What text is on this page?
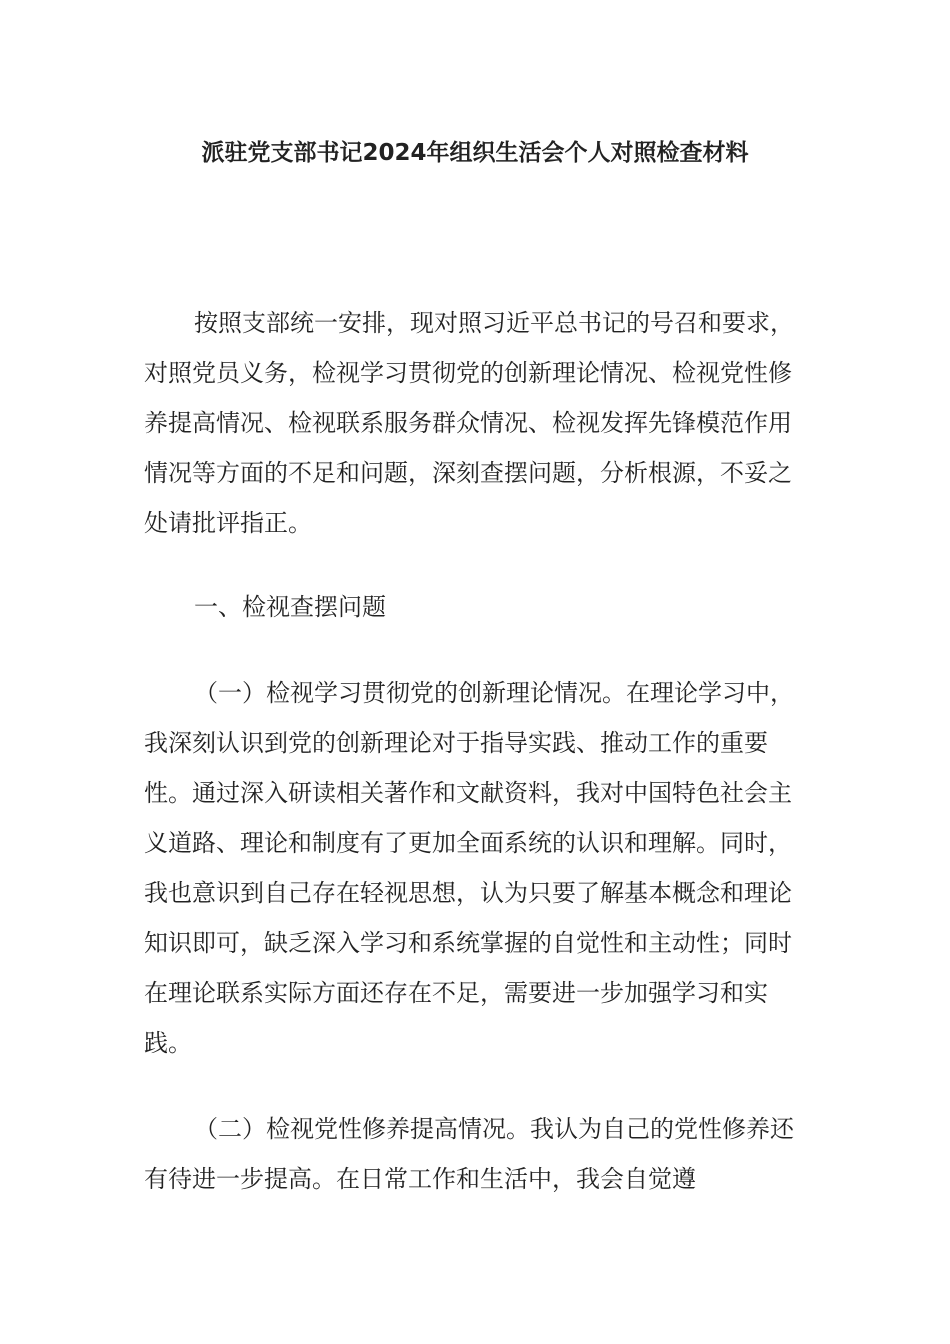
派驻党支部书记2024年组织生活会个人对照检查材料

按照支部统一安排，现对照习近平总书记的号召和要求，对照党员义务，检视学习贯彻党的创新理论情况、检视党性修养提高情况、检视联系服务群众情况、检视发挥先锋模范作用情况等方面的不足和问题，深刻查摆问题，分析根源，不妥之处请批评指正。

一、检视查摆问题

（一）检视学习贯彻党的创新理论情况。在理论学习中，我深刻认识到党的创新理论对于指导实践、推动工作的重要性。通过深入研读相关著作和文献资料，我对中国特色社会主义道路、理论和制度有了更加全面系统的认识和理解。同时，我也意识到自己存在轻视思想，认为只要了解基本概念和理论知识即可，缺乏深入学习和系统掌握的自觉性和主动性；同时在理论联系实际方面还存在不足，需要进一步加强学习和实践。

（二）检视党性修养提高情况。我认为自己的党性修养还有待进一步提高。在日常工作和生活中，我会自觉遵
